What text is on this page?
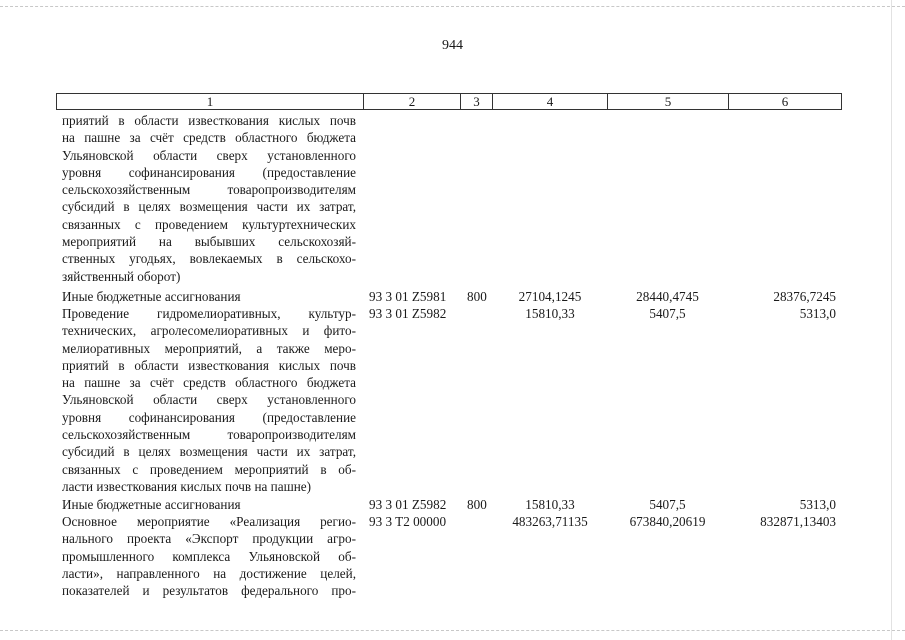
944
1	2	3	4	5	6
приятий в области известкования кислых почв
на пашне за счёт средств областного бюджета
Ульяновской области сверх установленного
уровня софинансирования (предоставление
сельскохозяйственным товаропроизводителям
субсидий в целях возмещения части их затрат,
связанных с проведением культуртехнических
мероприятий на выбывших сельскохозяй-
ственных угодьях, вовлекаемых в сельскохо-
зяйственный оборот)
Иные бюджетные ассигнования	93 3 01 Z5981 800	27104,1245	28440,4745	28376,7245
Проведение гидромелиоративных, культур-
технических, агролесомелиоративных и фито-
мелиоративных мероприятий, а также меро-
приятий в области известкования кислых почв
на пашне за счёт средств областного бюджета
Ульяновской области сверх установленного
уровня софинансирования (предоставление
сельскохозяйственным товаропроизводителям
субсидий в целях возмещения части их затрат,
связанных с проведением мероприятий в об-
ласти известкования кислых почв на пашне)
93 3 01 Z5982	15810,33	5407,5	5313,0
Иные бюджетные ассигнования	93 3 01 Z5982 800	15810,33	5407,5	5313,0
Основное мероприятие «Реализация регио-
нального проекта «Экспорт продукции агро-
промышленного комплекса Ульяновской об-
ласти», направленного на достижение целей,
показателей и результатов федерального про-
93 3 T2 00000	483263,71135	673840,20619	832871,13403
